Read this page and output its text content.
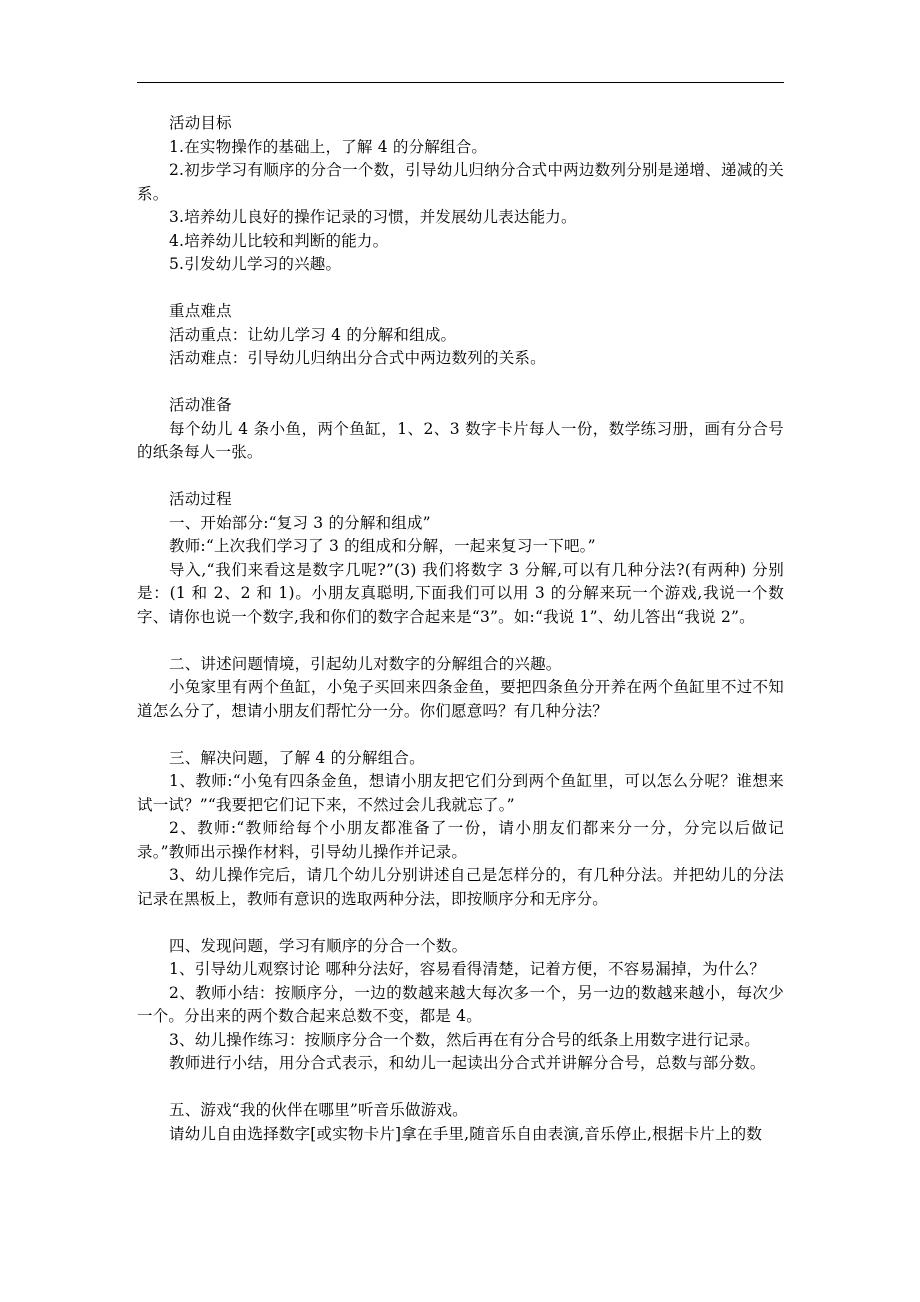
活动目标

1.在实物操作的基础上，了解 4 的分解组合。

2.初步学习有顺序的分合一个数，引导幼儿归纳分合式中两边数列分别是递增、递减的关系。

3.培养幼儿良好的操作记录的习惯，并发展幼儿表达能力。

4.培养幼儿比较和判断的能力。

5.引发幼儿学习的兴趣。

重点难点

活动重点：让幼儿学习 4 的分解和组成。

活动难点：引导幼儿归纳出分合式中两边数列的关系。

活动准备

每个幼儿 4 条小鱼，两个鱼缸，1、2、3 数字卡片每人一份，数学练习册，画有分合号的纸条每人一张。

活动过程

一、开始部分:“复习 3 的分解和组成”

教师:“上次我们学习了 3 的组成和分解，一起来复习一下吧。”

导入,“我们来看这是数字几呢?”(3) 我们将数字 3 分解,可以有几种分法?(有两种) 分别是：(1 和 2、2 和 1)。小朋友真聪明,下面我们可以用 3 的分解来玩一个游戏,我说一个数字、请你也说一个数字,我和你们的数字合起来是“3”。如:“我说 1”、幼儿答出“我说 2”。

二、讲述问题情境，引起幼儿对数字的分解组合的兴趣。

小兔家里有两个鱼缸，小兔子买回来四条金鱼，要把四条鱼分开养在两个鱼缸里不过不知道怎么分了，想请小朋友们帮忙分一分。你们愿意吗？有几种分法？

三、解决问题，了解 4 的分解组合。

1、教师:“小兔有四条金鱼，想请小朋友把它们分到两个鱼缸里，可以怎么分呢？谁想来试一试？”“我要把它们记下来，不然过会儿我就忘了。”

2、教师:“教师给每个小朋友都准备了一份，请小朋友们都来分一分，分完以后做记录。”教师出示操作材料，引导幼儿操作并记录。

3、幼儿操作完后，请几个幼儿分别讲述自己是怎样分的，有几种分法。并把幼儿的分法记录在黑板上，教师有意识的选取两种分法，即按顺序分和无序分。

四、发现问题，学习有顺序的分合一个数。

1、引导幼儿观察讨论 哪种分法好，容易看得清楚，记着方便，不容易漏掉，为什么？

2、教师小结：按顺序分，一边的数越来越大每次多一个，另一边的数越来越小，每次少一个。分出来的两个数合起来总数不变，都是 4。

3、幼儿操作练习：按顺序分合一个数，然后再在有分合号的纸条上用数字进行记录。

教师进行小结，用分合式表示，和幼儿一起读出分合式并讲解分合号，总数与部分数。

五、游戏“我的伙伴在哪里”听音乐做游戏。

请幼儿自由选择数字[或实物卡片]拿在手里,随音乐自由表演,音乐停止,根据卡片上的数
